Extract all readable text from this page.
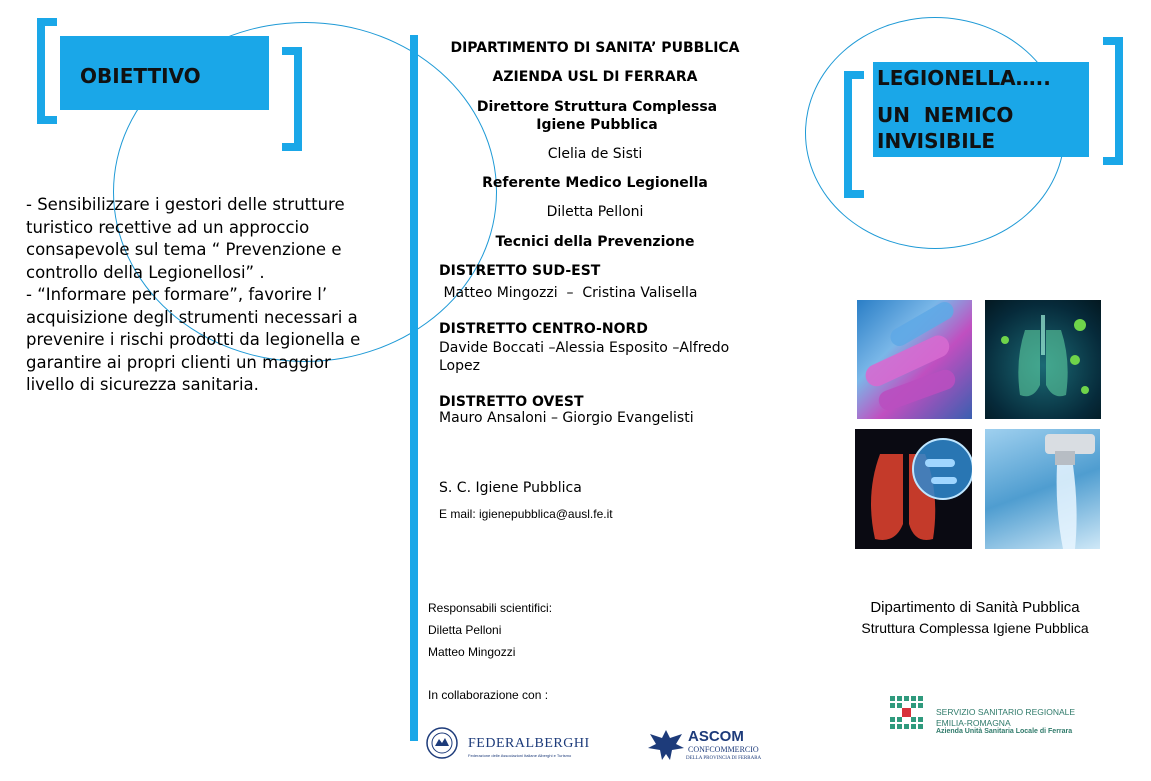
OBIETTIVO
- Sensibilizzare i gestori delle strutture turistico recettive ad un approccio consapevole sul tema “ Prevenzione e controllo della Legionellosi” .
- “Informare per formare”, favorire l’ acquisizione degli strumenti necessari a prevenire i rischi prodotti da legionella e garantire ai propri clienti un maggior livello di sicurezza sanitaria.
DIPARTIMENTO DI SANITA’ PUBBLICA
AZIENDA USL DI FERRARA
Direttore Struttura Complessa Igiene Pubblica
Clelia de Sisti
Referente Medico Legionella
Diletta Pelloni
Tecnici della Prevenzione
DISTRETTO SUD-EST
Matteo Mingozzi  –  Cristina Valisella
DISTRETTO CENTRO-NORD
Davide Boccati –Alessia Esposito –Alfredo Lopez
DISTRETTO OVEST
Mauro Ansaloni – Giorgio Evangelisti
S. C. Igiene Pubblica
E mail: igienepubblica@ausl.fe.it
Responsabili scientifici:
Diletta Pelloni
Matteo Mingozzi
In collaborazione con :
FEDERALBERGHI
Federazione delle Associazioni Italiane Alberghi e Turismo
ASCOM
CONFCOMMERCIO
DELLA PROVINCIA DI FERRARA
LEGIONELLA…..
UN  NEMICO
INVISIBILE
Dipartimento di Sanità Pubblica
Struttura Complessa Igiene Pubblica
SERVIZIO SANITARIO REGIONALE
EMILIA-ROMAGNA
Azienda Unità Sanitaria Locale di Ferrara
